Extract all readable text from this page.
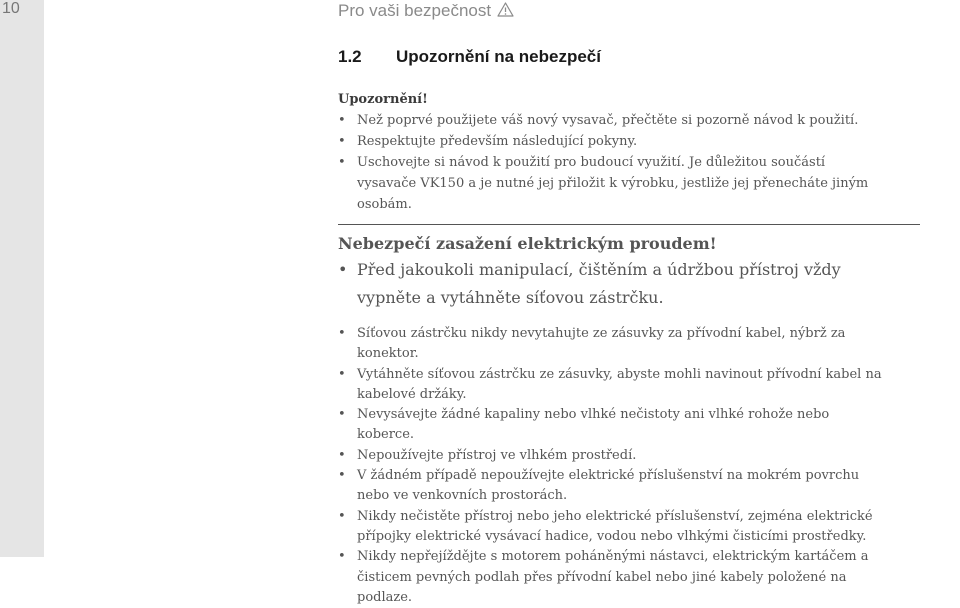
10	Pro vaši bezpečnost
1.2 Upozornění na nebezpečí
Upozornění!
• Než poprvé použijete váš nový vysavač, přečtěte si pozorně návod k použití.
• Respektujte především následující pokyny.
• Uschovejte si návod k použití pro budoucí využití. Je důležitou součástí vysavače VK150 a je nutné jej přiložit k výrobku, jestliže jej přenecháte jiným osobám.
Nebezpečí zasažení elektrickým proudem!
• Před jakoukoli manipulací, čištěním a údržbou přístroj vždy vypněte a vytáhněte síťovou zástrčku.
• Síťovou zástrčku nikdy nevytahujte ze zásuvky za přívodní kabel, nýbrž za konektor.
• Vytáhněte síťovou zástrčku ze zásuvky, abyste mohli navinout přívodní kabel na kabelové držáky.
• Nevysávejte žádné kapaliny nebo vlhké nečistoty ani vlhké rohože nebo koberce.
• Nepoužívejte přístroj ve vlhkém prostředí.
• V žádném případě nepoužívejte elektrické příslušenství na mokrém povrchu nebo ve venkovních prostorách.
• Nikdy nečistěte přístroj nebo jeho elektrické příslušenství, zejména elektrické přípojky elektrické vysávací hadice, vodou nebo vlhkými čisticími prostředky.
• Nikdy nepřejíždějte s motorem poháněnými nástavci, elektrickým kartáčem a čisticem pevných podlah přes přívodní kabel nebo jiné kabely položené na podlaze.
